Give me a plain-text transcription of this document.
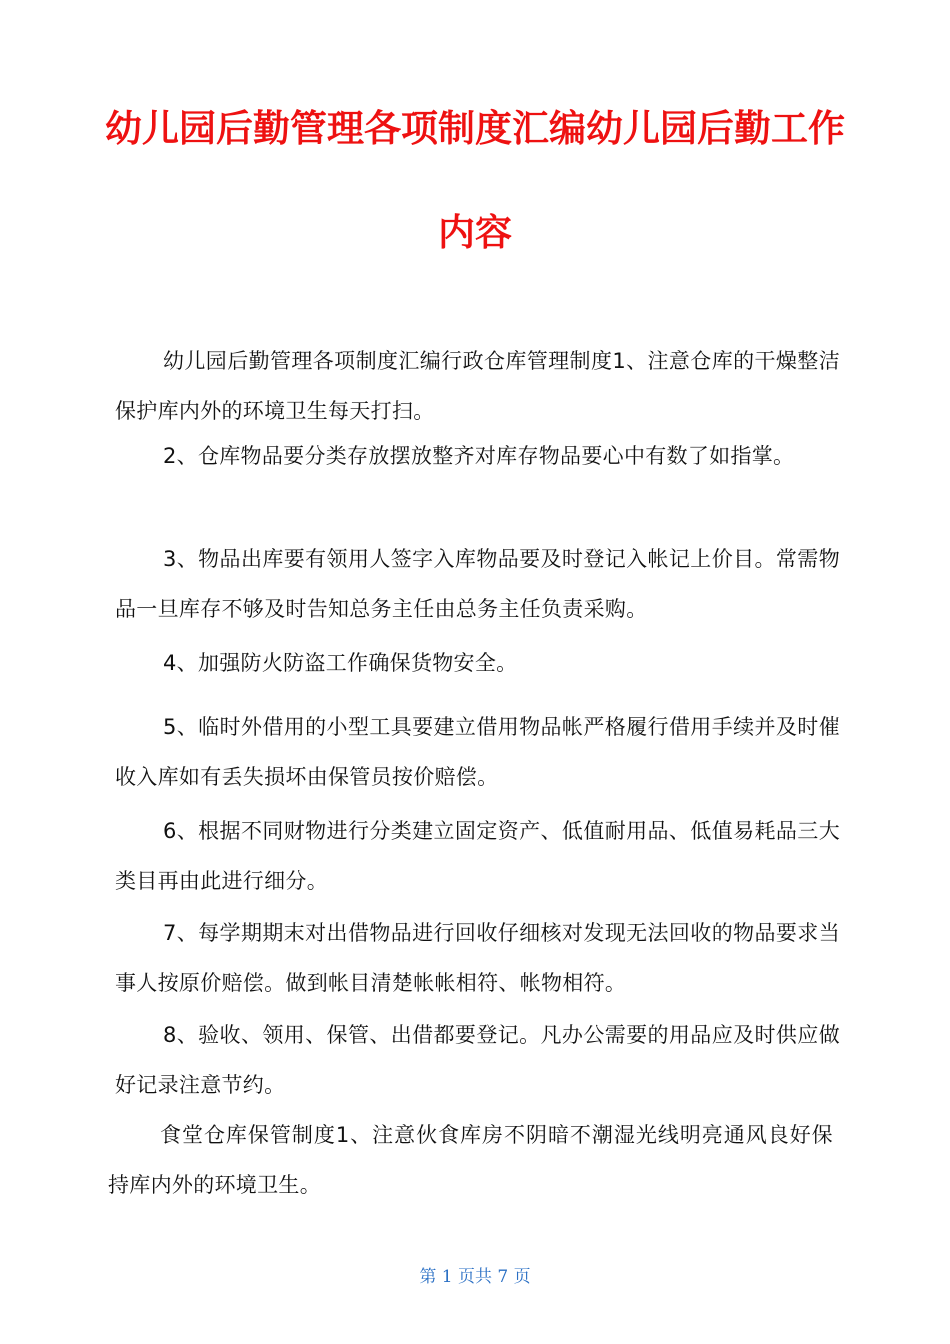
幼儿园后勤管理各项制度汇编幼儿园后勤工作
内容

幼儿园后勤管理各项制度汇编行政仓库管理制度1、注意仓库的干燥整洁保护库内外的环境卫生每天打扫。

2、仓库物品要分类存放摆放整齐对库存物品要心中有数了如指掌。

3、物品出库要有领用人签字入库物品要及时登记入帐记上价目。常需物品一旦库存不够及时告知总务主任由总务主任负责采购。

4、加强防火防盗工作确保货物安全。

5、临时外借用的小型工具要建立借用物品帐严格履行借用手续并及时催收入库如有丢失损坏由保管员按价赔偿。

6、根据不同财物进行分类建立固定资产、低值耐用品、低值易耗品三大类目再由此进行细分。

7、每学期期末对出借物品进行回收仔细核对发现无法回收的物品要求当事人按原价赔偿。做到帐目清楚帐帐相符、帐物相符。

8、验收、领用、保管、出借都要登记。凡办公需要的用品应及时供应做好记录注意节约。

食堂仓库保管制度1、注意伙食库房不阴暗不潮湿光线明亮通风良好保持库内外的环境卫生。

第 1 页共 7 页
